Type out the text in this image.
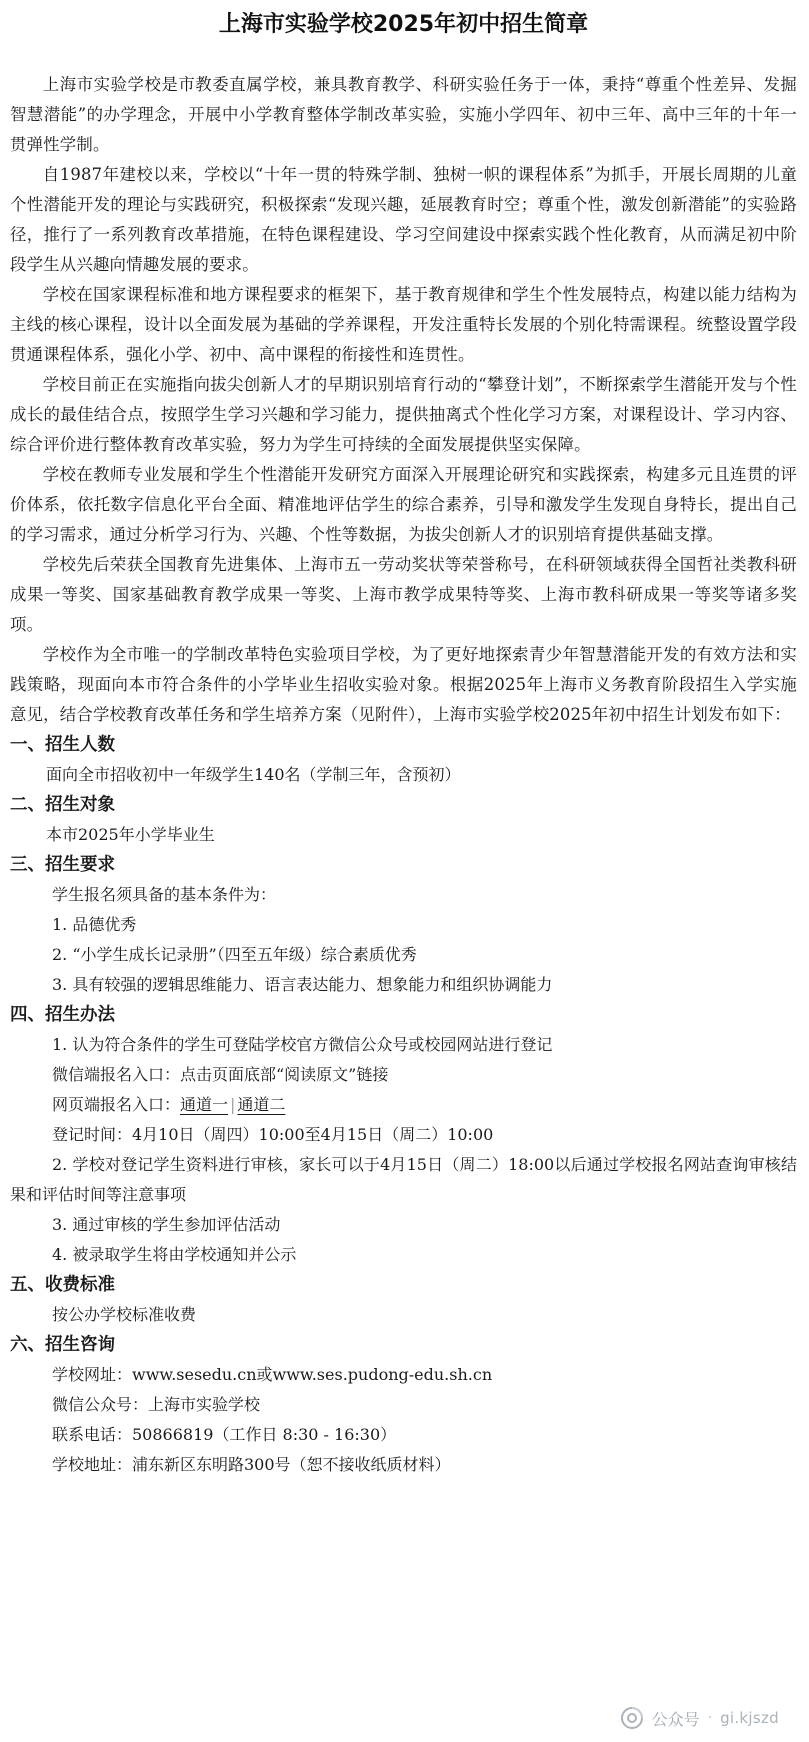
上海市实验学校2025年初中招生简章

上海市实验学校是市教委直属学校，兼具教育教学、科研实验任务于一体，秉持“尊重个性差异、发掘智慧潜能”的办学理念，开展中小学教育整体学制改革实验，实施小学四年、初中三年、高中三年的十年一贯弹性学制。

自1987年建校以来，学校以“十年一贯的特殊学制、独树一帜的课程体系”为抓手，开展长周期的儿童个性潜能开发的理论与实践研究，积极探索“发现兴趣，延展教育时空；尊重个性，激发创新潜能”的实验路径，推行了一系列教育改革措施，在特色课程建设、学习空间建设中探索实践个性化教育，从而满足初中阶段学生从兴趣向情趣发展的要求。

学校在国家课程标准和地方课程要求的框架下，基于教育规律和学生个性发展特点，构建以能力结构为主线的核心课程，设计以全面发展为基础的学养课程，开发注重特长发展的个别化特需课程。统整设置学段贯通课程体系，强化小学、初中、高中课程的衔接性和连贯性。

学校目前正在实施指向拔尖创新人才的早期识别培育行动的“攀登计划”，不断探索学生潜能开发与个性成长的最佳结合点，按照学生学习兴趣和学习能力，提供抽离式个性化学习方案，对课程设计、学习内容、综合评价进行整体教育改革实验，努力为学生可持续的全面发展提供坚实保障。

学校在教师专业发展和学生个性潜能开发研究方面深入开展理论研究和实践探索，构建多元且连贯的评价体系，依托数字信息化平台全面、精准地评估学生的综合素养，引导和激发学生发现自身特长，提出自己的学习需求，通过分析学习行为、兴趣、个性等数据，为拔尖创新人才的识别培育提供基础支撑。

学校先后荣获全国教育先进集体、上海市五一劳动奖状等荣誉称号，在科研领域获得全国哲社类教科研成果一等奖、国家基础教育教学成果一等奖、上海市教学成果特等奖、上海市教科研成果一等奖等诸多奖项。

学校作为全市唯一的学制改革特色实验项目学校，为了更好地探索青少年智慧潜能开发的有效方法和实践策略，现面向本市符合条件的小学毕业生招收实验对象。根据2025年上海市义务教育阶段招生入学实施意见，结合学校教育改革任务和学生培养方案（见附件），上海市实验学校2025年初中招生计划发布如下：

一、招生人数
面向全市招收初中一年级学生140名（学制三年，含预初）
二、招生对象
本市2025年小学毕业生
三、招生要求
学生报名须具备的基本条件为：
1. 品德优秀
2. “小学生成长记录册”（四至五年级）综合素质优秀
3. 具有较强的逻辑思维能力、语言表达能力、想象能力和组织协调能力
四、招生办法
1. 认为符合条件的学生可登陆学校官方微信公众号或校园网站进行登记
微信端报名入口：点击页面底部“阅读原文”链接
网页端报名入口：通道一 | 通道二
登记时间：4月10日（周四）10:00至4月15日（周二）10:00
2. 学校对登记学生资料进行审核，家长可以于4月15日（周二）18:00以后通过学校报名网站查询审核结果和评估时间等注意事项
3. 通过审核的学生参加评估活动
4. 被录取学生将由学校通知并公示
五、收费标准
按公办学校标准收费
六、招生咨询
学校网址：www.sesedu.cn或www.ses.pudong-edu.sh.cn
微信公众号：上海市实验学校
联系电话：50866819（工作日 8:30 - 16:30）
学校地址：浦东新区东明路300号（恕不接收纸质材料）
公众号 · gi.kjszd
